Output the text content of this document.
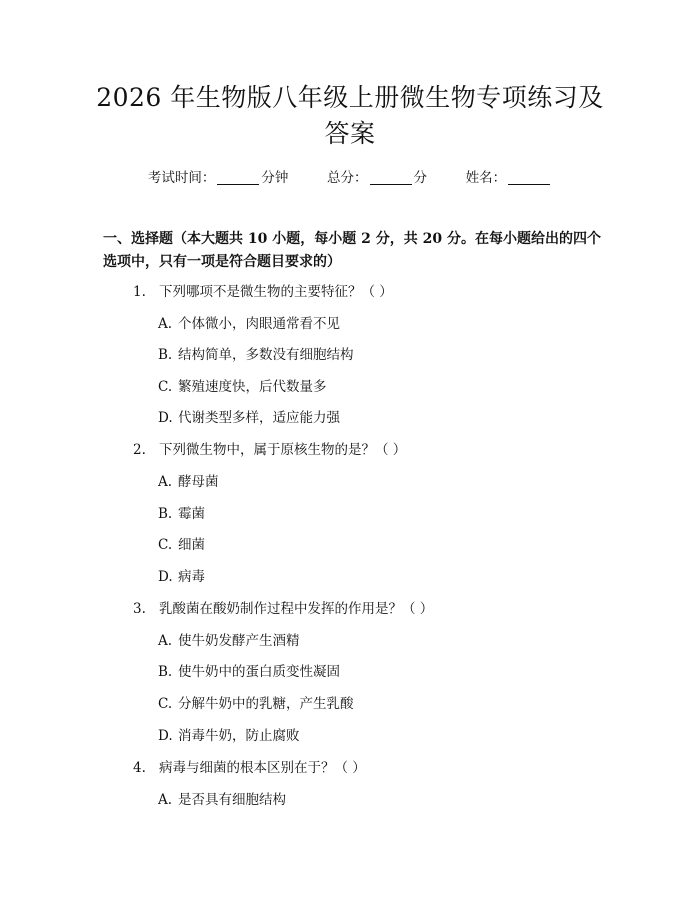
2026 年生物版八年级上册微生物专项练习及
答案
考试时间：	分钟	总分：	分	姓名：
一、选择题（本大题共 10 小题，每小题 2 分，共 20 分。在每小题给出的四个选项中，只有一项是符合题目要求的）
1. 下列哪项不是微生物的主要特征？（ ）
A. 个体微小，肉眼通常看不见
B. 结构简单，多数没有细胞结构
C. 繁殖速度快，后代数量多
D. 代谢类型多样，适应能力强
2. 下列微生物中，属于原核生物的是？（ ）
A. 酵母菌
B. 霉菌
C. 细菌
D. 病毒
3. 乳酸菌在酸奶制作过程中发挥的作用是？（ ）
A. 使牛奶发酵产生酒精
B. 使牛奶中的蛋白质变性凝固
C. 分解牛奶中的乳糖，产生乳酸
D. 消毒牛奶，防止腐败
4. 病毒与细菌的根本区别在于？（ ）
A. 是否具有细胞结构
